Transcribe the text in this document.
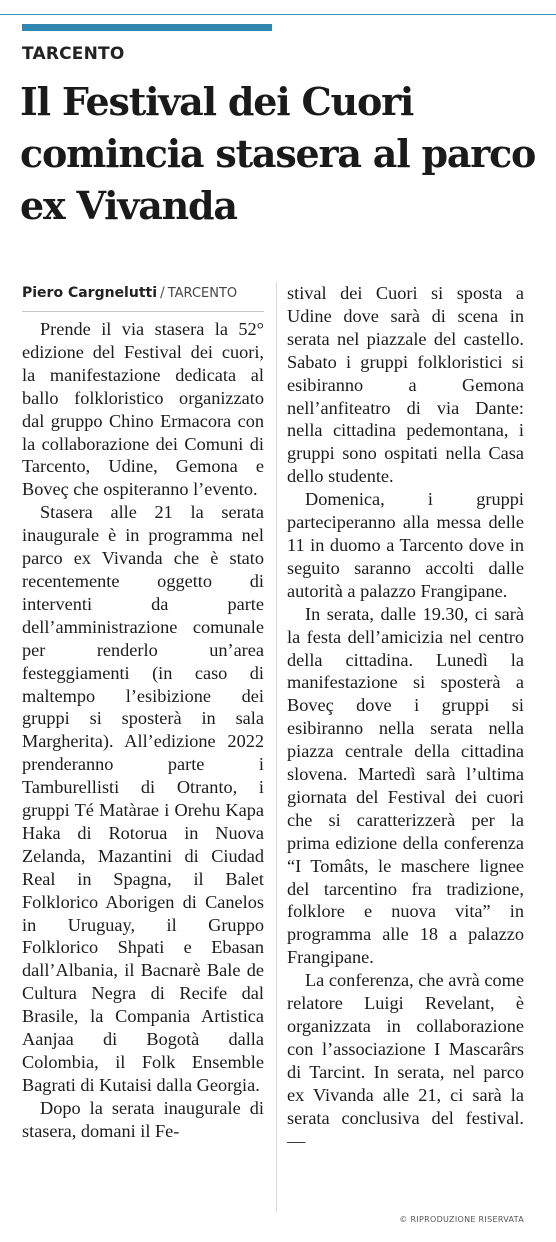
TARCENTO
Il Festival dei Cuori comincia stasera al parco ex Vivanda
Piero Cargnelutti / TARCENTO

Prende il via stasera la 52° edizione del Festival dei cuori, la manifestazione dedicata al ballo folkloristico organizzato dal gruppo Chino Ermacora con la collaborazione dei Comuni di Tarcento, Udine, Gemona e Boveç che ospiteranno l’evento.

Stasera alle 21 la serata inaugurale è in programma nel parco ex Vivanda che è stato recentemente oggetto di interventi da parte dell’amministrazione comunale per renderlo un’area festeggiamenti (in caso di maltempo l’esibizione dei gruppi si sposterà in sala Margherita). All’edizione 2022 prenderanno parte i Tamburellisti di Otranto, i gruppi Té Matàrae i Orehu Kapa Haka di Rotorua in Nuova Zelanda, Mazantini di Ciudad Real in Spagna, il Balet Folklorico Aborigen di Canelos in Uruguay, il Gruppo Folklorico Shpati e Ebasan dall’Albania, il Bacnarè Bale de Cultura Negra di Recife dal Brasile, la Compania Artistica Aanjaa di Bogotà dalla Colombia, il Folk Ensemble Bagrati di Kutaisi dalla Georgia.

Dopo la serata inaugurale di stasera, domani il Fe-

stival dei Cuori si sposta a Udine dove sarà di scena in serata nel piazzale del castello. Sabato i gruppi folkloristici si esibiranno a Gemona nell’anfiteatro di via Dante: nella cittadina pedemontana, i gruppi sono ospitati nella Casa dello studente.

Domenica, i gruppi parteciperanno alla messa delle 11 in duomo a Tarcento dove in seguito saranno accolti dalle autorità a palazzo Frangipane.

In serata, dalle 19.30, ci sarà la festa dell’amicizia nel centro della cittadina. Lunedì la manifestazione si sposterà a Boveç dove i gruppi si esibiranno nella serata nella piazza centrale della cittadina slovena. Martedì sarà l’ultima giornata del Festival dei cuori che si caratterizzerà per la prima edizione della conferenza “I Tomâts, le maschere lignee del tarcentino fra tradizione, folklore e nuova vita” in programma alle 18 a palazzo Frangipane.

La conferenza, che avrà come relatore Luigi Revelant, è organizzata in collaborazione con l’associazione I Mascarârs di Tarcint. In serata, nel parco ex Vivanda alle 21, ci sarà la serata conclusiva del festival. —

© RIPRODUZIONE RISERVATA
